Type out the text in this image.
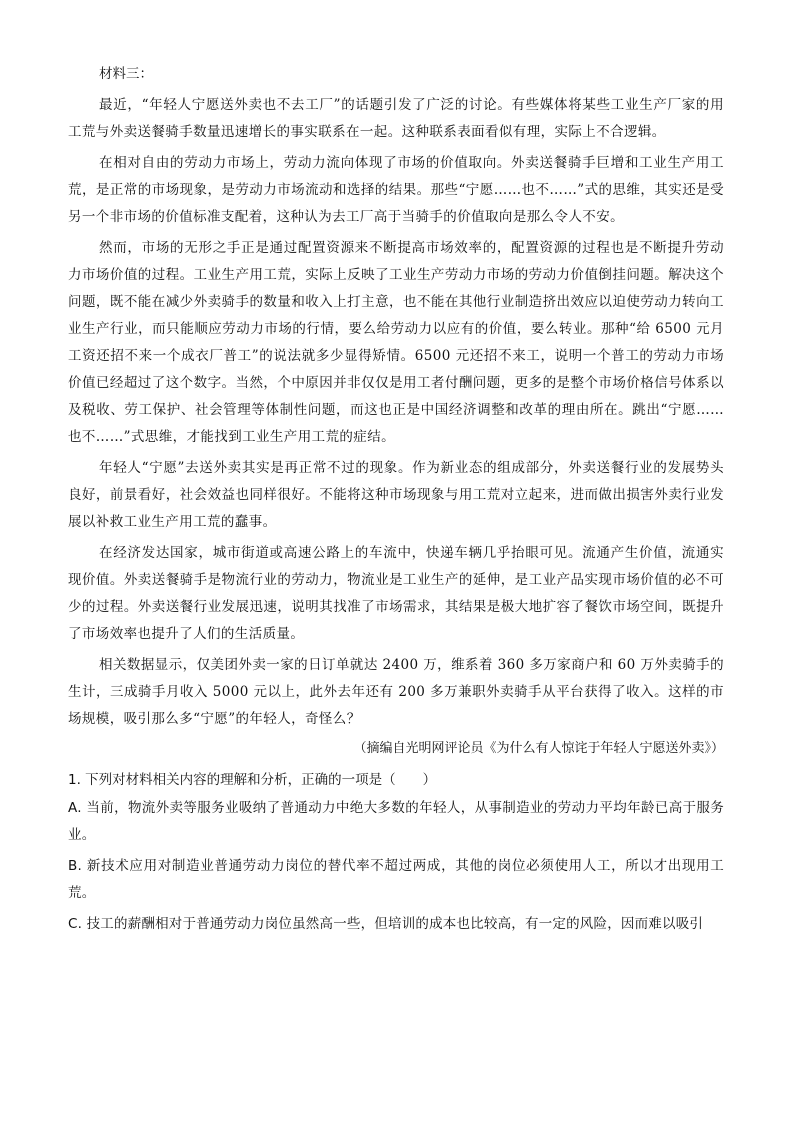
材料三：

最近，“年轻人宁愿送外卖也不去工厂”的话题引发了广泛的讨论。有些媒体将某些工业生产厂家的用工荒与外卖送餐骑手数量迅速增长的事实联系在一起。这种联系表面看似有理，实际上不合逻辑。

在相对自由的劳动力市场上，劳动力流向体现了市场的价值取向。外卖送餐骑手巨增和工业生产用工荒，是正常的市场现象，是劳动力市场流动和选择的结果。那些“宁愿……也不……”式的思维，其实还是受另一个非市场的价值标准支配着，这种认为去工厂高于当骑手的价值取向是那么令人不安。

然而，市场的无形之手正是通过配置资源来不断提高市场效率的，配置资源的过程也是不断提升劳动力市场价值的过程。工业生产用工荒，实际上反映了工业生产劳动力市场的劳动力价值倒挂问题。解决这个问题，既不能在减少外卖骑手的数量和收入上打主意，也不能在其他行业制造挤出效应以迫使劳动力转向工业生产行业，而只能顺应劳动力市场的行情，要么给劳动力以应有的价值，要么转业。那种“给 6500 元月工资还招不来一个成衣厂普工”的说法就多少显得矫情。6500 元还招不来工，说明一个普工的劳动力市场价值已经超过了这个数字。当然，个中原因并非仅仅是用工者付酬问题，更多的是整个市场价格信号体系以及税收、劳工保护、社会管理等体制性问题，而这也正是中国经济调整和改革的理由所在。跳出“宁愿……也不……”式思维，才能找到工业生产用工荒的症结。

年轻人“宁愿”去送外卖其实是再正常不过的现象。作为新业态的组成部分，外卖送餐行业的发展势头良好，前景看好，社会效益也同样很好。不能将这种市场现象与用工荒对立起来，进而做出损害外卖行业发展以补救工业生产用工荒的蠢事。

在经济发达国家，城市街道或高速公路上的车流中，快递车辆几乎抬眼可见。流通产生价值，流通实现价值。外卖送餐骑手是物流行业的劳动力，物流业是工业生产的延伸，是工业产品实现市场价值的必不可少的过程。外卖送餐行业发展迅速，说明其找准了市场需求，其结果是极大地扩容了餐饮市场空间，既提升了市场效率也提升了人们的生活质量。

相关数据显示，仅美团外卖一家的日订单就达 2400 万，维系着 360 多万家商户和 60 万外卖骑手的生计，三成骑手月收入 5000 元以上，此外去年还有 200 多万兼职外卖骑手从平台获得了收入。这样的市场规模，吸引那么多“宁愿”的年轻人，奇怪么？

（摘编自光明网评论员《为什么有人惊诧于年轻人宁愿送外卖》）
1. 下列对材料相关内容的理解和分析，正确的一项是（　　）
A. 当前，物流外卖等服务业吸纳了普通动力中绝大多数的年轻人，从事制造业的劳动力平均年龄已高于服务业。
B. 新技术应用对制造业普通劳动力岗位的替代率不超过两成，其他的岗位必须使用人工，所以才出现用工荒。
C. 技工的薪酬相对于普通劳动力岗位虽然高一些，但培训的成本也比较高，有一定的风险，因而难以吸引
